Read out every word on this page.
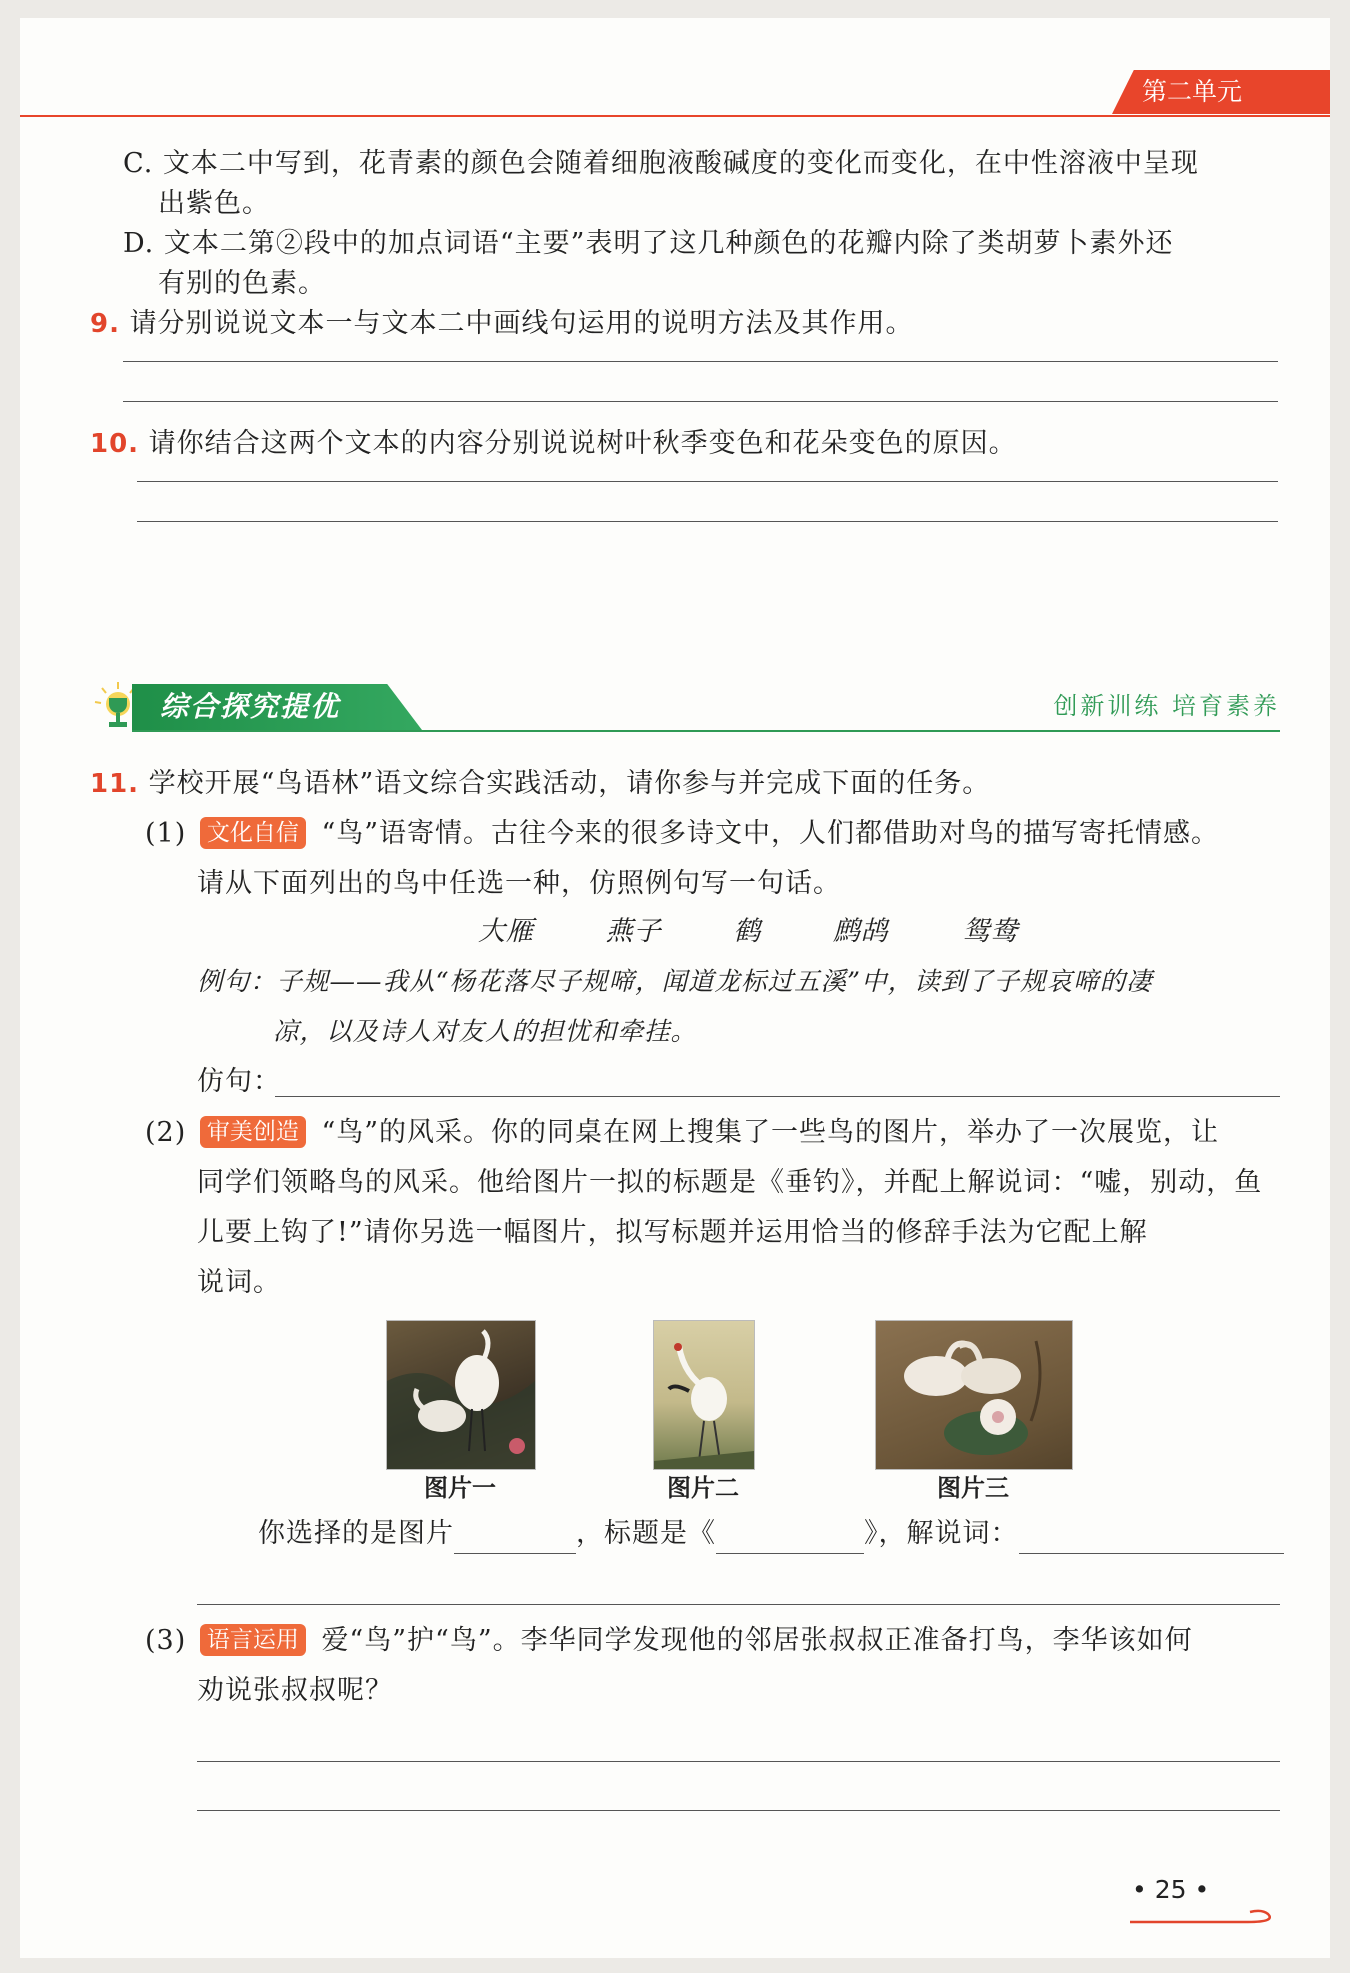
第二单元
C. 文本二中写到，花青素的颜色会随着细胞液酸碱度的变化而变化，在中性溶液中呈现
出紫色。
D. 文本二第②段中的加点词语“主要”表明了这几种颜色的花瓣内除了类胡萝卜素外还
有别的色素。
9. 请分别说说文本一与文本二中画线句运用的说明方法及其作用。
10. 请你结合这两个文本的内容分别说说树叶秋季变色和花朵变色的原因。
综合探究提优	创新训练 培育素养
11. 学校开展“鸟语林”语文综合实践活动，请你参与并完成下面的任务。
(1) 文化自信 “鸟”语寄情。古往今来的很多诗文中，人们都借助对鸟的描写寄托情感。
请从下面列出的鸟中任选一种，仿照例句写一句话。
大雁	燕子	鹤	鹧鸪	鸳鸯
例句：子规——我从“杨花落尽子规啼，闻道龙标过五溪”中，读到了子规哀啼的凄
凉，以及诗人对友人的担忧和牵挂。
仿句：
(2) 审美创造 “鸟”的风采。你的同桌在网上搜集了一些鸟的图片，举办了一次展览，让
同学们领略鸟的风采。他给图片一拟的标题是《垂钓》，并配上解说词：“嘘，别动，鱼
儿要上钩了!”请你另选一幅图片，拟写标题并运用恰当的修辞手法为它配上解
说词。
图片一	图片二	图片三
你选择的是图片	，标题是《	》，解说词：
(3) 语言运用 爱“鸟”护“鸟”。李华同学发现他的邻居张叔叔正准备打鸟，李华该如何
劝说张叔叔呢？
• 25 •
